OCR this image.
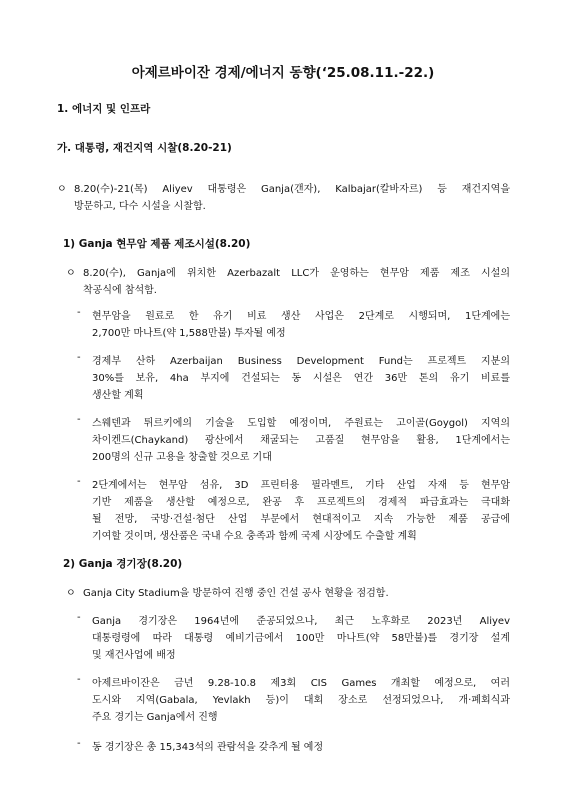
아제르바이잔 경제/에너지 동향(‘25.08.11.-22.)
1. 에너지 및 인프라
가. 대통령, 재건지역 시찰(8.20-21)
ㅇ 8.20(수)-21(목) Aliyev 대통령은 Ganja(갠자), Kalbajar(칼바자르) 등 재건지역을
방문하고, 다수 시설을 시찰함.
1) Ganja 현무암 제품 제조시설(8.20)
ㅇ 8.20(수), Ganja에 위치한 Azerbazalt LLC가 운영하는 현무암 제품 제조 시설의
착공식에 참석함.
- 현무암을 원료로 한 유기 비료 생산 사업은 2단계로 시행되며, 1단계에는
2,700만 마나트(약 1,588만불) 투자될 예정
- 경제부 산하 Azerbaijan Business Development Fund는 프로젝트 지분의
30%를 보유, 4ha 부지에 건설되는 동 시설은 연간 36만 톤의 유기 비료를
생산할 계획
- 스웨덴과 튀르키에의 기술을 도입할 예정이며, 주원료는 고이골(Goygol) 지역의
차이켄드(Chaykand) 광산에서 채굴되는 고품질 현무암을 활용, 1단계에서는
200명의 신규 고용을 창출할 것으로 기대
- 2단계에서는 현무암 섬유, 3D 프린터용 필라멘트, 기타 산업 자재 등 현무암
기반 제품을 생산할 예정으로, 완공 후 프로젝트의 경제적 파급효과는 극대화
될 전망, 국방·건설·첨단 산업 부문에서 현대적이고 지속 가능한 제품 공급에
기여할 것이며, 생산품은 국내 수요 충족과 함께 국제 시장에도 수출할 계획
2) Ganja 경기장(8.20)
ㅇ Ganja City Stadium을 방문하여 진행 중인 건설 공사 현황을 점검함.
- Ganja 경기장은 1964년에 준공되었으나, 최근 노후화로 2023년 Aliyev
대통령령에 따라 대통령 예비기금에서 100만 마나트(약 58만불)를 경기장 설계
및 재건사업에 배정
- 아제르바이잔은 금년 9.28-10.8 제3회 CIS Games 개최할 예정으로, 여러
도시와 지역(Gabala, Yevlakh 등)이 대회 장소로 선정되었으나, 개·폐회식과
주요 경기는 Ganja에서 진행
- 동 경기장은 총 15,343석의 관람석을 갖추게 될 예정
